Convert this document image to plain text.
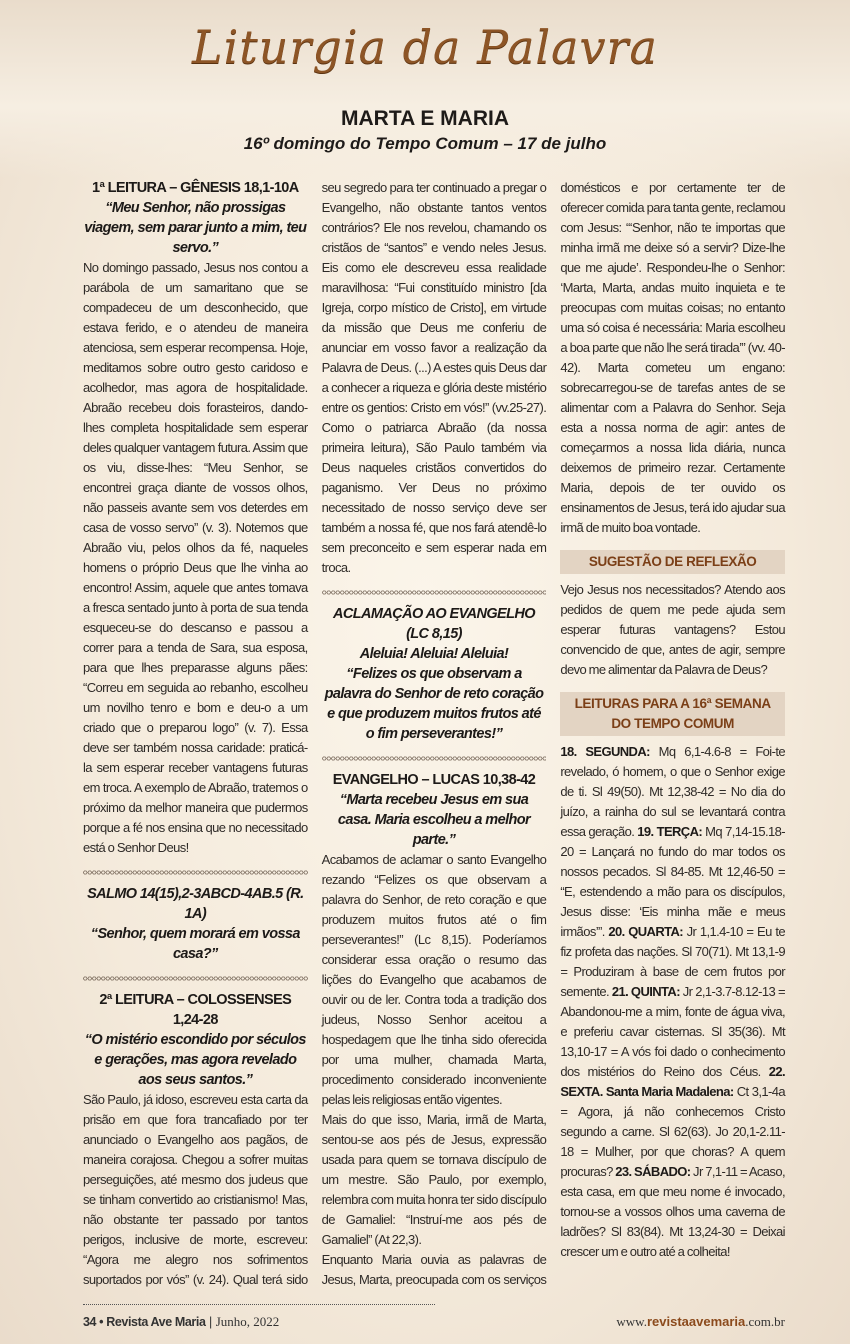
Liturgia da Palavra
MARTA E MARIA
16º domingo do Tempo Comum – 17 de julho
1ª LEITURA – GÊNESIS 18,1-10A
“Meu Senhor, não prossigas viagem, sem parar junto a mim, teu servo.”

No domingo passado, Jesus nos contou a parábola de um samaritano que se compadeceu de um desconhecido, que estava ferido, e o atendeu de maneira atenciosa, sem esperar recompensa. Hoje, meditamos sobre outro gesto caridoso e acolhedor, mas agora de hospitalidade. Abraão recebeu dois forasteiros, dando-lhes completa hospitalidade sem esperar deles qualquer vantagem futura. Assim que os viu, disse-lhes: “Meu Senhor, se encontrei graça diante de vossos olhos, não passeis avante sem vos deterdes em casa de vosso servo” (v. 3). Notemos que Abraão viu, pelos olhos da fé, naqueles homens o próprio Deus que lhe vinha ao encontro! Assim, aquele que antes tomava a fresca sentado junto à porta de sua tenda esqueceu-se do descanso e passou a correr para a tenda de Sara, sua esposa, para que lhes preparasse alguns pães: “Correu em seguida ao rebanho, escolheu um novilho tenro e bom e deu-o a um criado que o preparou logo” (v. 7). Essa deve ser também nossa caridade: praticá-la sem esperar receber vantagens futuras em troca. A exemplo de Abraão, tratemos o próximo da melhor maneira que pudermos porque a fé nos ensina que no necessitado está o Senhor Deus!

SALMO 14(15),2-3ABCD-4AB.5 (R. 1A)
“Senhor, quem morará em vossa casa?”
2ª LEITURA – COLOSSENSES 1,24-28
“O mistério escondido por séculos e gerações, mas agora revelado aos seus santos.”

São Paulo, já idoso, escreveu esta carta da prisão em que fora trancafiado por ter anunciado o Evangelho aos pagãos, de maneira corajosa. Chegou a sofrer muitas perseguições, até mesmo dos judeus que se tinham convertido ao cristianismo! Mas, não obstante ter passado por tantos perigos, inclusive de morte, escreveu: “Agora me alegro nos sofrimentos suportados por vós” (v. 24). Qual terá sido seu segredo para ter continuado a pregar o Evangelho, não obstante tantos ventos contrários? Ele nos revelou, chamando os cristãos de “santos” e vendo neles Jesus. Eis como ele descreveu essa realidade maravilhosa: “Fui constituído ministro [da Igreja, corpo místico de Cristo], em virtude da missão que Deus me conferiu de anunciar em vosso favor a realização da Palavra de Deus. (...) A estes quis Deus dar a conhecer a riqueza e glória deste mistério entre os gentios: Cristo em vós!” (vv.25-27). Como o patriarca Abraão (da nossa primeira leitura), São Paulo também via Deus naqueles cristãos convertidos do paganismo. Ver Deus no próximo necessitado de nosso serviço deve ser também a nossa fé, que nos fará atendê-lo sem preconceito e sem esperar nada em troca.

ACLAMAÇÃO AO EVANGELHO (LC 8,15)
Aleluia! Aleluia! Aleluia!
“Felizes os que observam a palavra do Senhor de reto coração e que produzem muitos frutos até o fim perseverantes!”
EVANGELHO – LUCAS 10,38-42
“Marta recebeu Jesus em sua casa. Maria escolheu a melhor parte.”

Acabamos de aclamar o santo Evangelho rezando “Felizes os que observam a palavra do Senhor, de reto coração e que produzem muitos frutos até o fim perseverantes!” (Lc 8,15). Poderíamos considerar essa oração o resumo das lições do Evangelho que acabamos de ouvir ou de ler. Contra toda a tradição dos judeus, Nosso Senhor aceitou a hospedagem que lhe tinha sido oferecida por uma mulher, chamada Marta, procedimento considerado inconveniente pelas leis religiosas então vigentes.

Mais do que isso, Maria, irmã de Marta, sentou-se aos pés de Jesus, expressão usada para quem se tornava discípulo de um mestre. São Paulo, por exemplo, relembra com muita honra ter sido discípulo de Gamaliel: “Instruí-me aos pés de Gamaliel” (At 22,3).

Enquanto Maria ouvia as palavras de Jesus, Marta, preocupada com os serviços domésticos e por certamente ter de oferecer comida para tanta gente, reclamou com Jesus: “‘Senhor, não te importas que minha irmã me deixe só a servir? Dize-lhe que me ajude’. Respondeu-lhe o Senhor: ‘Marta, Marta, andas muito inquieta e te preocupas com muitas coisas; no entanto uma só coisa é necessária: Maria escolheu a boa parte que não lhe será tirada’” (vv. 40-42). Marta cometeu um engano: sobrecarregou-se de tarefas antes de se alimentar com a Palavra do Senhor. Seja esta a nossa norma de agir: antes de começarmos a nossa lida diária, nunca deixemos de primeiro rezar. Certamente Maria, depois de ter ouvido os ensinamentos de Jesus, terá ido ajudar sua irmã de muito boa vontade.

SUGESTÃO DE REFLEXÃO

Vejo Jesus nos necessitados? Atendo aos pedidos de quem me pede ajuda sem esperar futuras vantagens? Estou convencido de que, antes de agir, sempre devo me alimentar da Palavra de Deus?

LEITURAS PARA A 16ª SEMANA
DO TEMPO COMUM

18. SEGUNDA: Mq 6,1-4.6-8 = Foi-te revelado, ó homem, o que o Senhor exige de ti. Sl 49(50). Mt 12,38-42 = No dia do juízo, a rainha do sul se levantará contra essa geração. 19. TERÇA: Mq 7,14-15.18-20 = Lançará no fundo do mar todos os nossos pecados. Sl 84-85. Mt 12,46-50 = “E, estendendo a mão para os discípulos, Jesus disse: ‘Eis minha mãe e meus irmãos’”. 20. QUARTA: Jr 1,1.4-10 = Eu te fiz profeta das nações. Sl 70(71). Mt 13,1-9 = Produziram à base de cem frutos por semente. 21. QUINTA: Jr 2,1-3.7-8.12-13 = Abandonou-me a mim, fonte de água viva, e preferiu cavar cisternas. Sl 35(36). Mt 13,10-17 = A vós foi dado o conhecimento dos mistérios do Reino dos Céus. 22. SEXTA. Santa Maria Madalena: Ct 3,1-4a = Agora, já não conhecemos Cristo segundo a carne. Sl 62(63). Jo 20,1-2.11-18 = Mulher, por que choras? A quem procuras? 23. SÁBADO: Jr 7,1-11 = Acaso, esta casa, em que meu nome é invocado, tornou-se a vossos olhos uma caverna de ladrões? Sl 83(84). Mt 13,24-30 = Deixai crescer um e outro até a colheita!

34 • Revista Ave Maria | Junho, 2022	www.revistaavemaria.com.br
